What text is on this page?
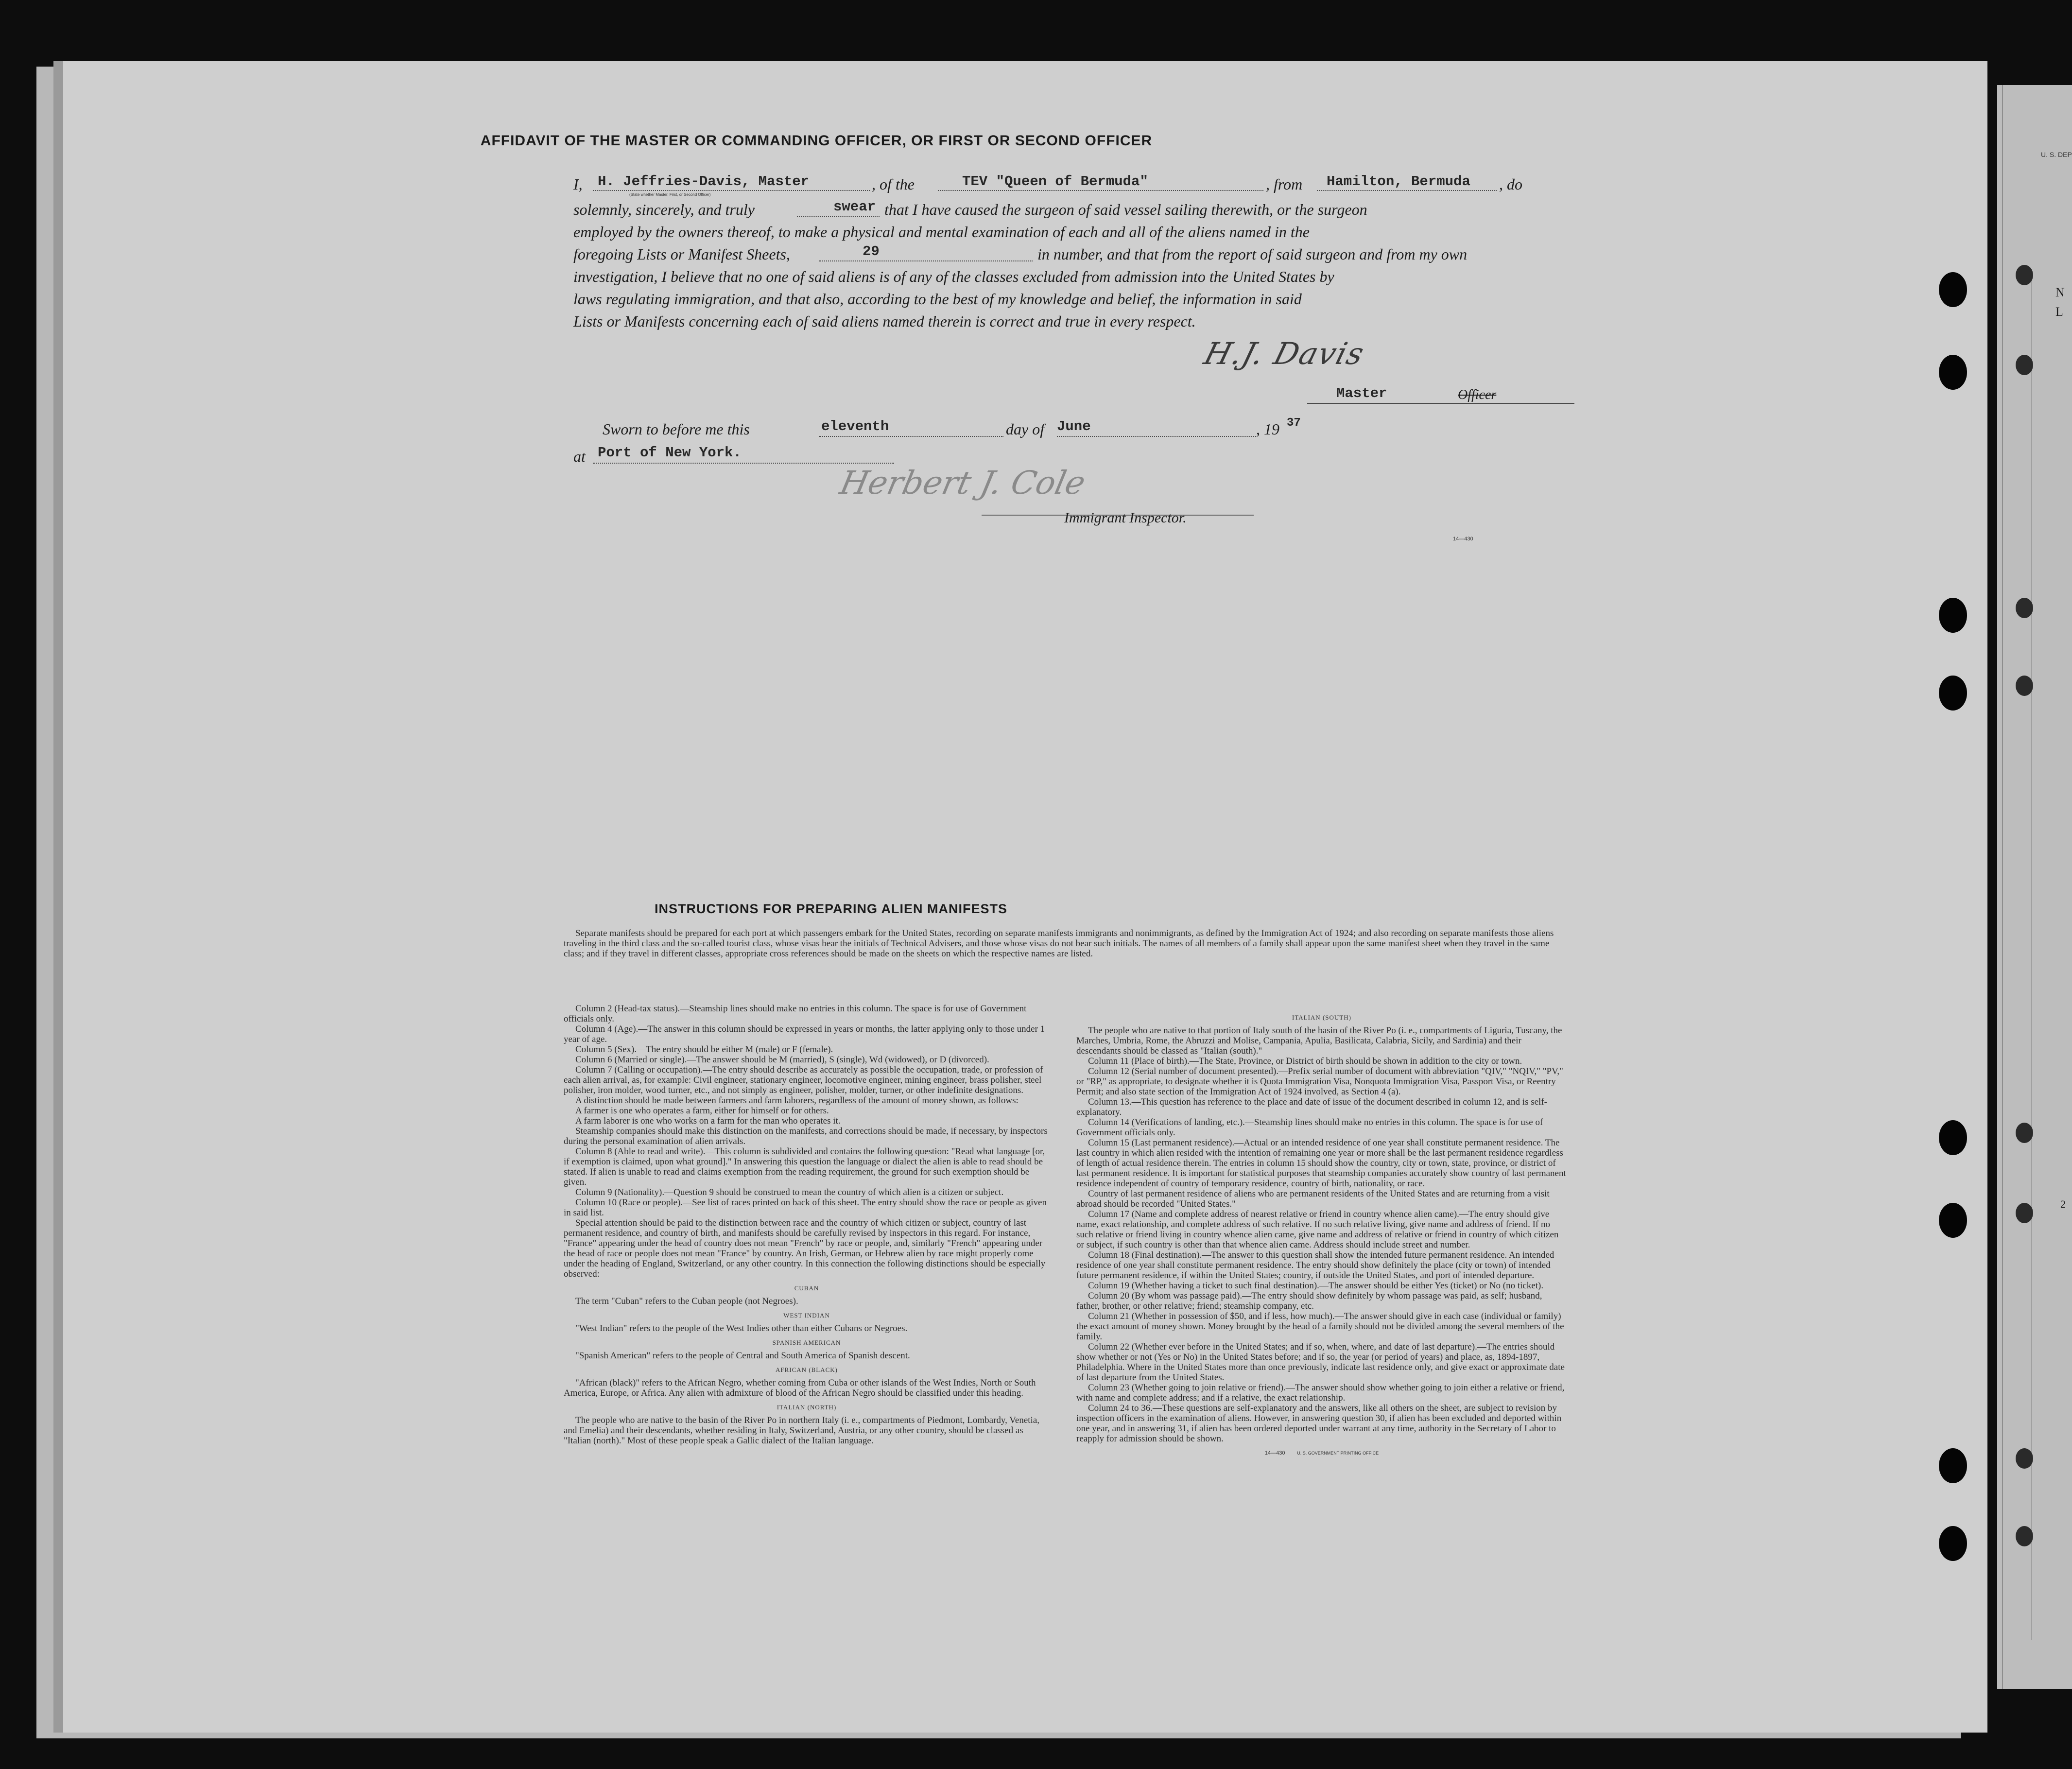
U. S. DEP
N
L
2
AFFIDAVIT OF THE MASTER OR COMMANDING OFFICER, OR FIRST OR SECOND OFFICER
I, H. Jeffries-Davis, Master
(State whether Master, First, or Second Officer)
, of the	TEV "Queen of Bermuda"	, from Hamilton, Bermuda , do
solemnly, sincerely, and truly	swear that I have caused the surgeon of said vessel sailing therewith, or the surgeon
employed by the owners thereof, to make a physical and mental examination of each and all of the aliens named in the
foregoing Lists or Manifest Sheets,	29	in number, and that from the report of said surgeon and from my own
investigation, I believe that no one of said aliens is of any of the classes excluded from admission into the United States by
laws regulating immigration, and that also, according to the best of my knowledge and belief, the information in said
Lists or Manifests concerning each of said aliens named therein is correct and true in every respect.
H.J. Davis
Master	Officer
Sworn to before me this	eleventh	day of June	, 19 37
at Port of New York.
Herbert J. Cole
Immigrant Inspector.
14—430
INSTRUCTIONS FOR PREPARING ALIEN MANIFESTS

Separate manifests should be prepared for each port at which passengers embark for the United States, recording on separate manifests immigrants and nonimmigrants, as defined by the Immigration Act of 1924; and also recording on separate manifests those aliens traveling in the third class and the so-called tourist class, whose visas bear the initials of Technical Advisers, and those whose visas do not bear such initials. The names of all members of a family shall appear upon the same manifest sheet when they travel in the same class; and if they travel in different classes, appropriate cross references should be made on the sheets on which the respective names are listed.

Column 2 (Head-tax status).—Steamship lines should make no entries in this column. The space is for use of Government officials only.

Column 4 (Age).—The answer in this column should be expressed in years or months, the latter applying only to those under 1 year of age.

Column 5 (Sex).—The entry should be either M (male) or F (female).

Column 6 (Married or single).—The answer should be M (married), S (single), Wd (widowed), or D (divorced).

Column 7 (Calling or occupation).—The entry should describe as accurately as possible the occupation, trade, or profession of each alien arrival, as, for example: Civil engineer, stationary engineer, locomotive engineer, mining engineer, brass polisher, steel polisher, iron molder, wood turner, etc., and not simply as engineer, polisher, molder, turner, or other indefinite designations.

A distinction should be made between farmers and farm laborers, regardless of the amount of money shown, as follows:

A farmer is one who operates a farm, either for himself or for others.

A farm laborer is one who works on a farm for the man who operates it.

Steamship companies should make this distinction on the manifests, and corrections should be made, if necessary, by inspectors during the personal examination of alien arrivals.

Column 8 (Able to read and write).—This column is subdivided and contains the following question: "Read what language [or, if exemption is claimed, upon what ground]." In answering this question the language or dialect the alien is able to read should be stated. If alien is unable to read and claims exemption from the reading requirement, the ground for such exemption should be given.

Column 9 (Nationality).—Question 9 should be construed to mean the country of which alien is a citizen or subject.

Column 10 (Race or people).—See list of races printed on back of this sheet. The entry should show the race or people as given in said list.

Special attention should be paid to the distinction between race and the country of which citizen or subject, country of last permanent residence, and country of birth, and manifests should be carefully revised by inspectors in this regard. For instance, "France" appearing under the head of country does not mean "French" by race or people, and, similarly "French" appearing under the head of race or people does not mean "France" by country. An Irish, German, or Hebrew alien by race might properly come under the heading of England, Switzerland, or any other country. In this connection the following distinctions should be especially observed:

CUBAN

The term "Cuban" refers to the Cuban people (not Negroes).

WEST INDIAN

"West Indian" refers to the people of the West Indies other than either Cubans or Negroes.

SPANISH AMERICAN

"Spanish American" refers to the people of Central and South America of Spanish descent.

AFRICAN (BLACK)

"African (black)" refers to the African Negro, whether coming from Cuba or other islands of the West Indies, North or South America, Europe, or Africa. Any alien with admixture of blood of the African Negro should be classified under this heading.

ITALIAN (NORTH)

The people who are native to the basin of the River Po in northern Italy (i. e., compartments of Piedmont, Lombardy, Venetia, and Emelia) and their descendants, whether residing in Italy, Switzerland, Austria, or any other country, should be classed as "Italian (north)." Most of these people speak a Gallic dialect of the Italian language.

ITALIAN (SOUTH)

The people who are native to that portion of Italy south of the basin of the River Po (i. e., compartments of Liguria, Tuscany, the Marches, Umbria, Rome, the Abruzzi and Molise, Campania, Apulia, Basilicata, Calabria, Sicily, and Sardinia) and their descendants should be classed as "Italian (south)."

Column 11 (Place of birth).—The State, Province, or District of birth should be shown in addition to the city or town.

Column 12 (Serial number of document presented).—Prefix serial number of document with abbreviation "QIV," "NQIV," "PV," or "RP," as appropriate, to designate whether it is Quota Immigration Visa, Nonquota Immigration Visa, Passport Visa, or Reentry Permit; and also state section of the Immigration Act of 1924 involved, as Section 4 (a).

Column 13.—This question has reference to the place and date of issue of the document described in column 12, and is self-explanatory.

Column 14 (Verifications of landing, etc.).—Steamship lines should make no entries in this column. The space is for use of Government officials only.

Column 15 (Last permanent residence).—Actual or an intended residence of one year shall constitute permanent residence. The last country in which alien resided with the intention of remaining one year or more shall be the last permanent residence regardless of length of actual residence therein. The entries in column 15 should show the country, city or town, state, province, or district of last permanent residence. It is important for statistical purposes that steamship companies accurately show country of last permanent residence independent of country of temporary residence, country of birth, nationality, or race.

Country of last permanent residence of aliens who are permanent residents of the United States and are returning from a visit abroad should be recorded "United States."

Column 17 (Name and complete address of nearest relative or friend in country whence alien came).—The entry should give name, exact relationship, and complete address of such relative. If no such relative living, give name and address of friend. If no such relative or friend living in country whence alien came, give name and address of relative or friend in country of which citizen or subject, if such country is other than that whence alien came. Address should include street and number.

Column 18 (Final destination).—The answer to this question shall show the intended future permanent residence. An intended residence of one year shall constitute permanent residence. The entry should show definitely the place (city or town) of intended future permanent residence, if within the United States; country, if outside the United States, and port of intended departure.

Column 19 (Whether having a ticket to such final destination).—The answer should be either Yes (ticket) or No (no ticket).

Column 20 (By whom was passage paid).—The entry should show definitely by whom passage was paid, as self; husband, father, brother, or other relative; friend; steamship company, etc.

Column 21 (Whether in possession of $50, and if less, how much).—The answer should give in each case (individual or family) the exact amount of money shown. Money brought by the head of a family should not be divided among the several members of the family.

Column 22 (Whether ever before in the United States; and if so, when, where, and date of last departure).—The entries should show whether or not (Yes or No) in the United States before; and if so, the year (or period of years) and place, as, 1894-1897, Philadelphia. Where in the United States more than once previously, indicate last residence only, and give exact or approximate date of last departure from the United States.

Column 23 (Whether going to join relative or friend).—The answer should show whether going to join either a relative or friend, with name and complete address; and if a relative, the exact relationship.

Column 24 to 36.—These questions are self-explanatory and the answers, like all others on the sheet, are subject to revision by inspection officers in the examination of aliens. However, in answering question 30, if alien has been excluded and deported within one year, and in answering 31, if alien has been ordered deported under warrant at any time, authority in the Secretary of Labor to reapply for admission should be shown.

14—430	U. S. GOVERNMENT PRINTING OFFICE
